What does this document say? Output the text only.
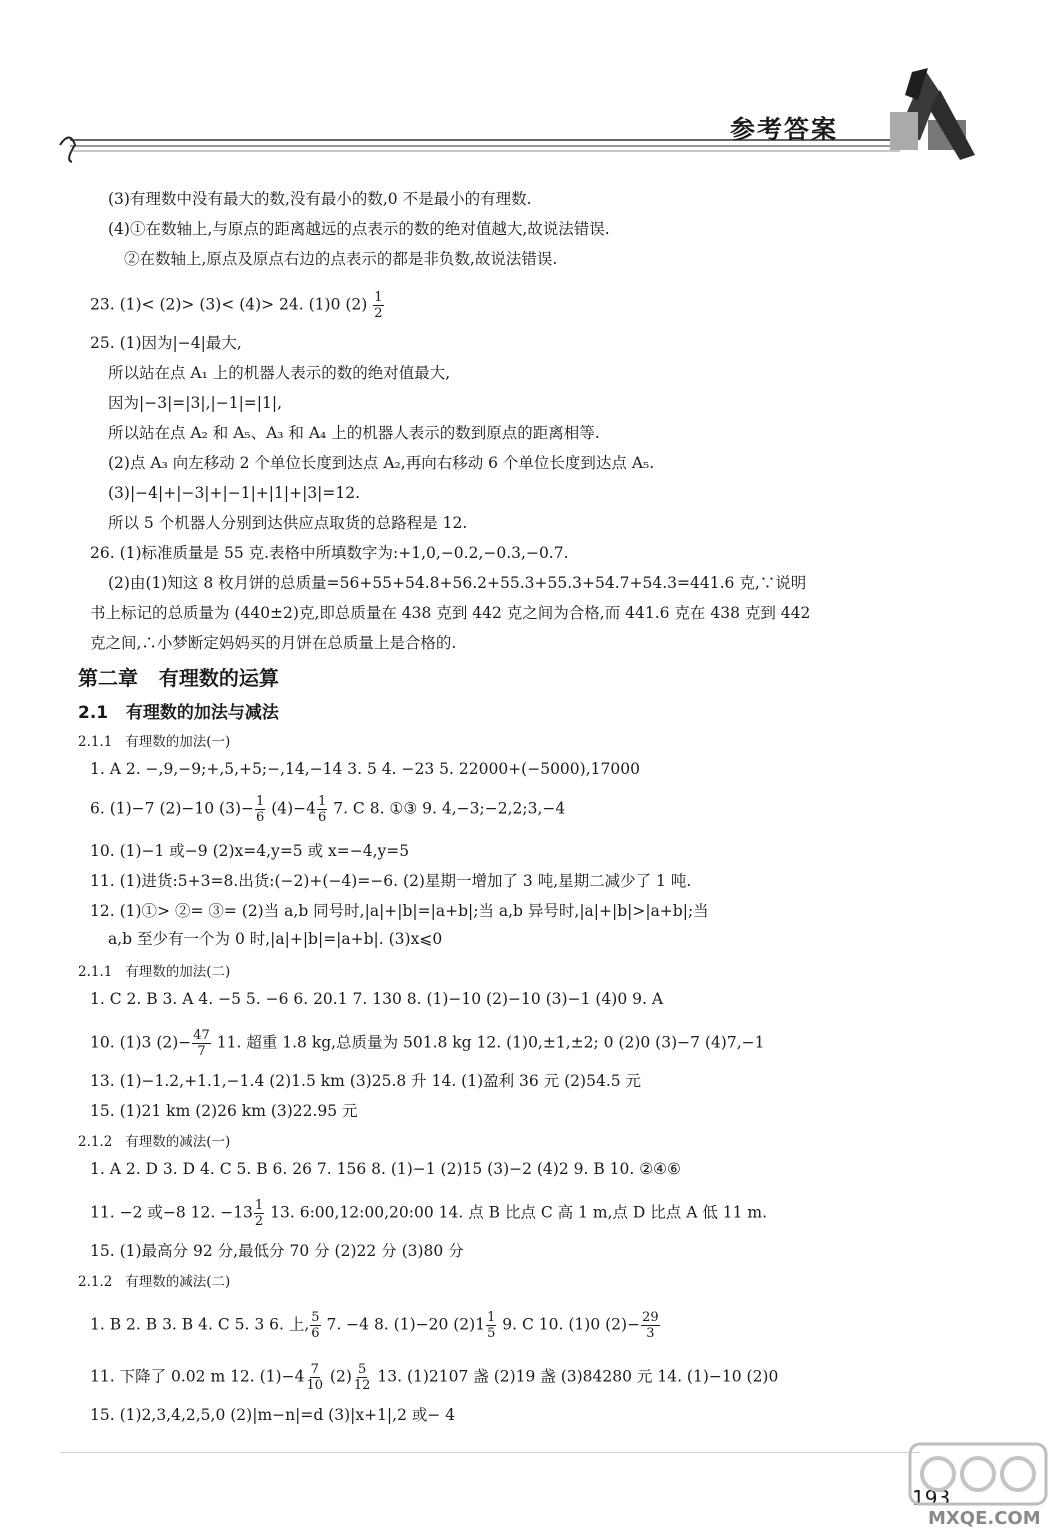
参考答案
(3)有理数中没有最大的数,没有最小的数,0 不是最小的有理数.
(4)①在数轴上,与原点的距离越远的点表示的数的绝对值越大,故说法错误.
②在数轴上,原点及原点右边的点表示的都是非负数,故说法错误.
23. (1)< (2)> (3)< (4)> 24. (1)0 $(2) \frac{1}{2}$
25. (1)因为|−4|最大,
所以站在点 A₁ 上的机器人表示的数的绝对值最大,
因为|−3|=|3|,|−1|=|1|,
所以站在点 A₂ 和 A₅、A₃ 和 A₄ 上的机器人表示的数到原点的距离相等.
(2)点 A₃ 向左移动 2 个单位长度到达点 A₂,再向右移动 6 个单位长度到达点 A₅.
(3)|−4|+|−3|+|−1|+|1|+|3|=12.
所以 5 个机器人分别到达供应点取货的总路程是 12.
26. (1)标准质量是 55 克.表格中所填数字为:+1,0,−0.2,−0.3,−0.7.
(2)由(1)知这 8 枚月饼的总质量=56+55+54.8+56.2+55.3+55.3+54.7+54.3=441.6 克,∵说明
书上标记的总质量为 (440±2)克,即总质量在 438 克到 442 克之间为合格,而 441.6 克在 438 克到 442
克之间,∴小梦断定妈妈买的月饼在总质量上是合格的.
第二章   有理数的运算
2.1   有理数的加法与减法
2.1.1   有理数的加法(一)
1. A 2. −,9,−9;+,5,+5;−,14,−14 3. 5 4. −23 5. 22000+(−5000),17000
6. (1)−7 (2)−10 $(3)- \frac{1}{6} (4)-4 \frac{1}{6} 7$. C 8. ①③ 9. 4,−3;−2,2;3,−4
10. (1)−1 或−9 (2)x=4,y=5 或 x=−4,y=5
11. (1)进货:5+3=8.出货:(−2)+(−4)=−6. (2)星期一增加了 3 吨,星期二减少了 1 吨.
12. (1)①> ②= ③= (2)当 a,b 同号时,|a|+|b|=|a+b|;当 a,b 异号时,|a|+|b|>|a+b|;当
a,b 至少有一个为 0 时,|a|+|b|=|a+b|. (3)x⩽0
2.1.1   有理数的加法(二)
1. C 2. B 3. A 4. −5 5. −6 6. 20.1 7. 130 8. (1)−10 (2)−10 (3)−1 (4)0 9. A
10. (1)3 $(2)- \frac{47}{7} 11$. 超重 1.8 kg,总质量为 501.8 kg 12. (1)0,±1,±2; 0 (2)0 (3)−7 (4)7,−1
13. (1)−1.2,+1.1,−1.4 (2)1.5 km (3)25.8 升 14. (1)盈利 36 元 (2)54.5 元
15. (1)21 km (2)26 km (3)22.95 元
2.1.2   有理数的减法(一)
1. A 2. D 3. D 4. C 5. B 6. 26 7. 156 8. (1)−1 (2)15 (3)−2 (4)2 9. B 10. ②④⑥
11. −2 或−8 12. $-13 \frac{1}{2} 13$. 6:00,12:00,20:00 14. 点 B 比点 C 高 1 m,点 D 比点 A 低 11 m.
15. (1)最高分 92 分,最低分 70 分 (2)22 分 (3)80 分
2.1.2   有理数的减法(二)
1. B 2. B 3. B 4. C 5. 3 6. 上, $\frac{5}{6} 7$. −4 8. (1)−20 $(2)1 \frac{1}{5} 9$. C 10. (1)0 $(2)- \frac{29}{3}$
11. 下降了 0.02 m 12. $(1)-4 \frac{7}{10} (2) \frac{5}{12} 13$. (1)2107 盏 (2)19 盏 (3)84280 元 14. (1)−10 (2)0
15. (1)2,3,4,2,5,0 (2)|m−n|=d (3)|x+1|,2 或− 4
193
MXQE.COM
